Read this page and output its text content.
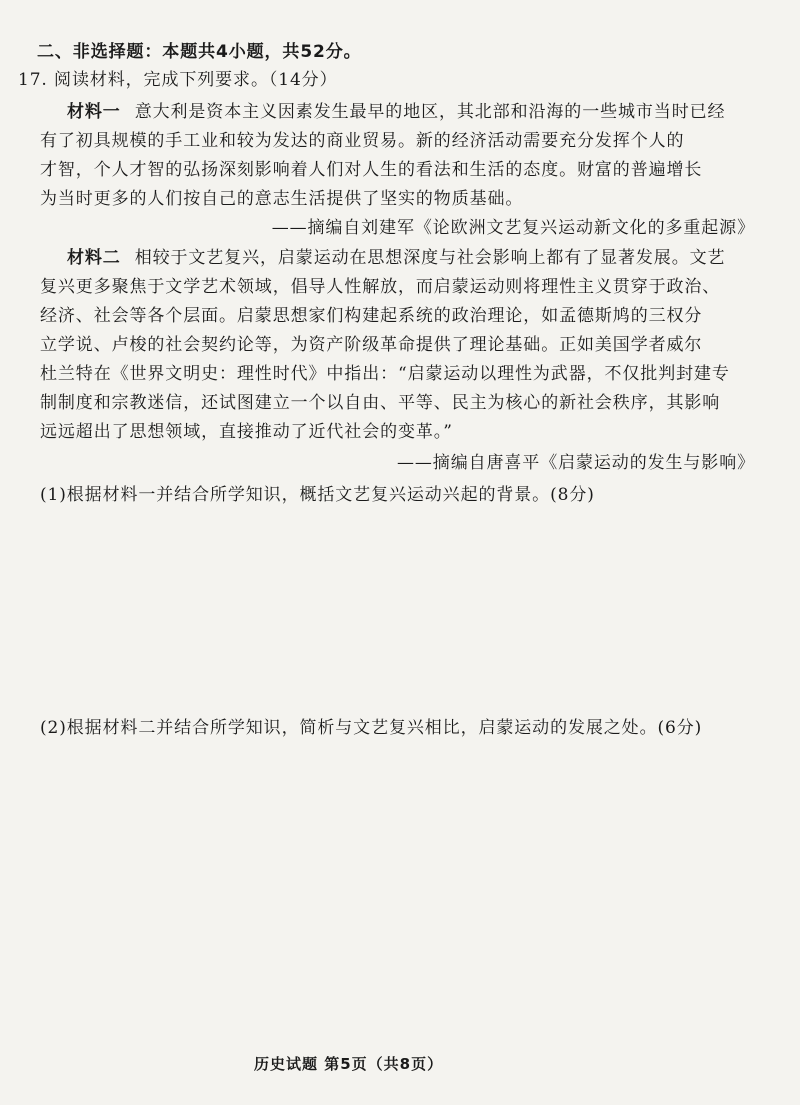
二、非选择题：本题共4小题，共52分。
17. 阅读材料，完成下列要求。（14分）
材料一 意大利是资本主义因素发生最早的地区，其北部和沿海的一些城市当时已经
有了初具规模的手工业和较为发达的商业贸易。新的经济活动需要充分发挥个人的
才智，个人才智的弘扬深刻影响着人们对人生的看法和生活的态度。财富的普遍增长
为当时更多的人们按自己的意志生活提供了坚实的物质基础。
——摘编自刘建军《论欧洲文艺复兴运动新文化的多重起源》
材料二 相较于文艺复兴，启蒙运动在思想深度与社会影响上都有了显著发展。文艺
复兴更多聚焦于文学艺术领域，倡导人性解放，而启蒙运动则将理性主义贯穿于政治、
经济、社会等各个层面。启蒙思想家们构建起系统的政治理论，如孟德斯鸠的三权分
立学说、卢梭的社会契约论等，为资产阶级革命提供了理论基础。正如美国学者威尔
杜兰特在《世界文明史：理性时代》中指出：“启蒙运动以理性为武器，不仅批判封建专
制制度和宗教迷信，还试图建立一个以自由、平等、民主为核心的新社会秩序，其影响
远远超出了思想领域，直接推动了近代社会的变革。”
——摘编自唐喜平《启蒙运动的发生与影响》
(1)根据材料一并结合所学知识，概括文艺复兴运动兴起的背景。(8分)
(2)根据材料二并结合所学知识，简析与文艺复兴相比，启蒙运动的发展之处。(6分)
历史试题 第5页（共8页）
